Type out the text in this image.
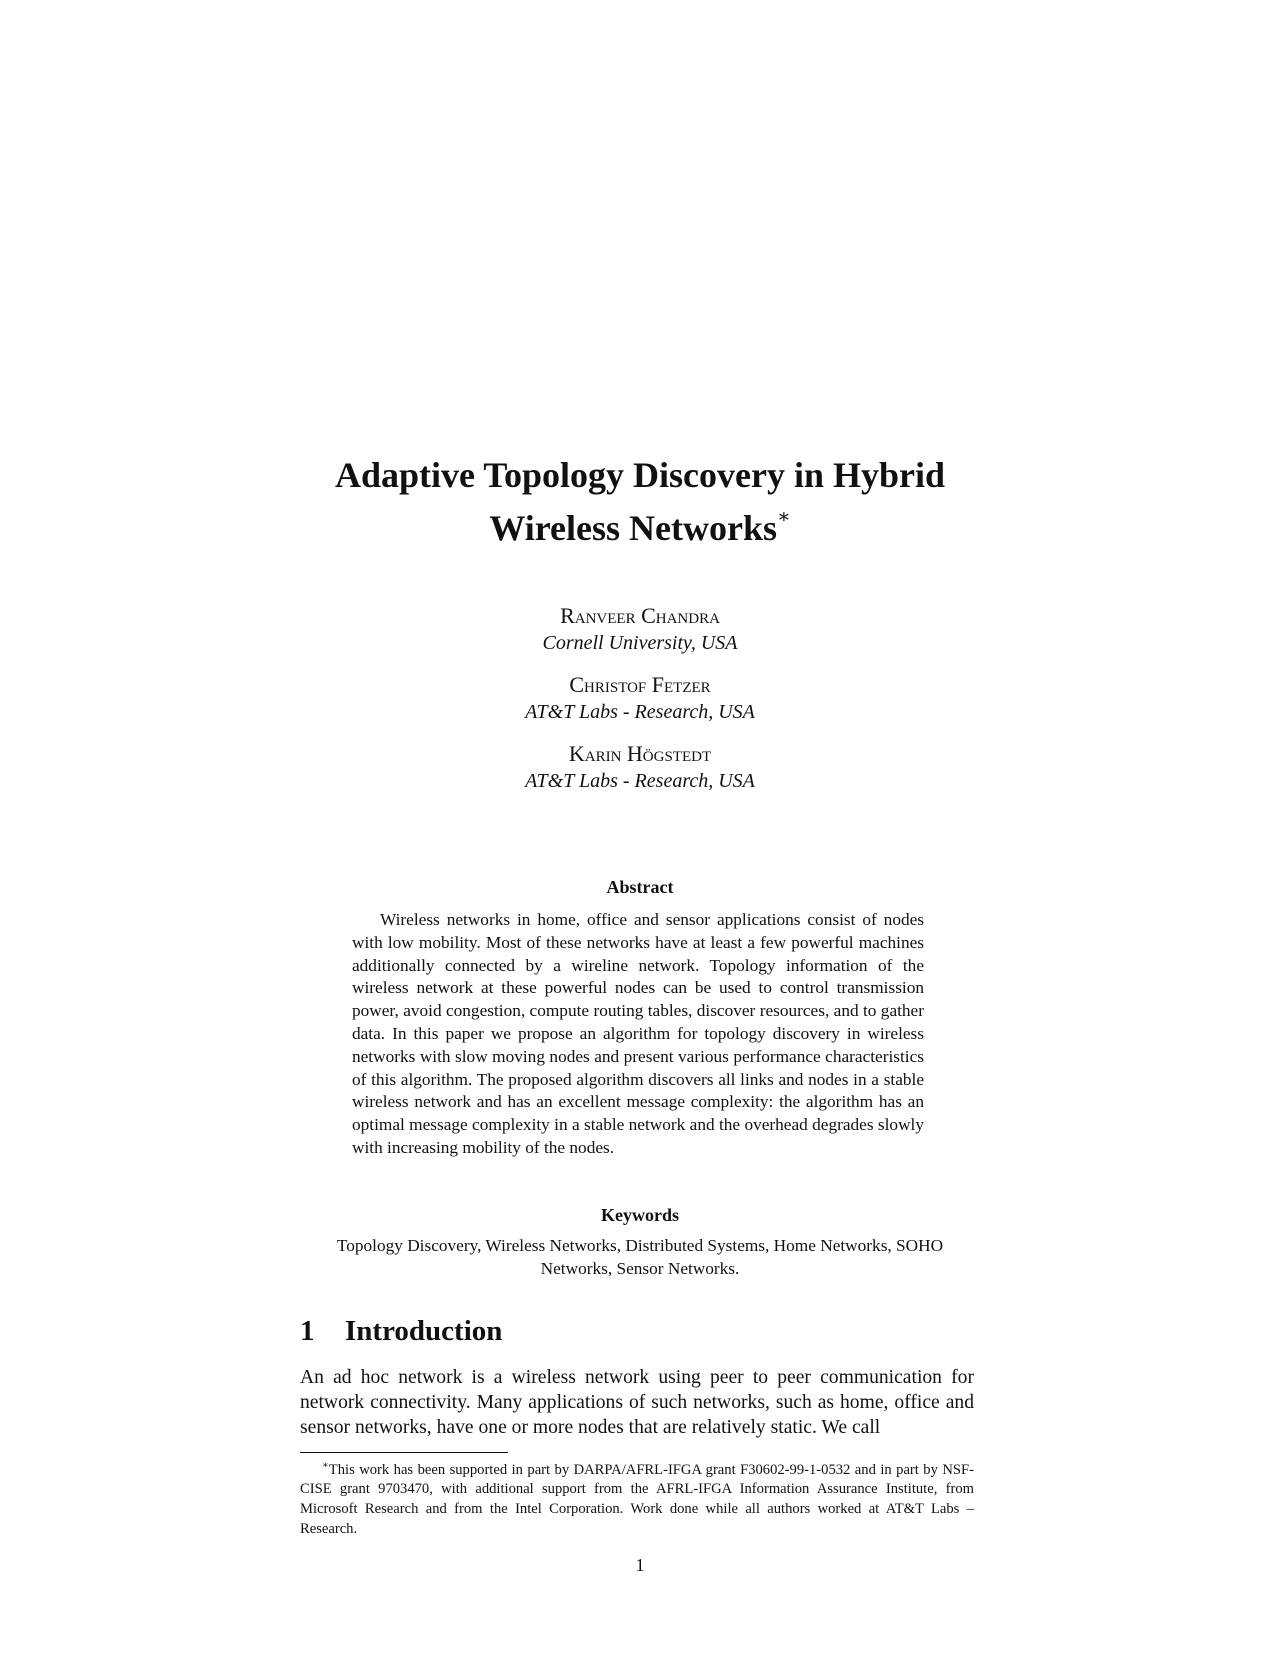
Adaptive Topology Discovery in Hybrid
Wireless Networks∗
Ranveer Chandra
Cornell University, USA
Christof Fetzer
AT&T Labs - Research, USA
Karin Högstedt
AT&T Labs - Research, USA
Abstract
Wireless networks in home, office and sensor applications consist of nodes with low mobility. Most of these networks have at least a few powerful machines additionally connected by a wireline network. Topology information of the wireless network at these powerful nodes can be used to control transmission power, avoid congestion, compute routing tables, discover resources, and to gather data. In this paper we propose an algorithm for topology discovery in wireless networks with slow moving nodes and present various performance characteristics of this algorithm. The proposed algorithm discovers all links and nodes in a stable wireless network and has an excellent message complexity: the algorithm has an optimal message complexity in a stable network and the overhead degrades slowly with increasing mobility of the nodes.
Keywords
Topology Discovery, Wireless Networks, Distributed Systems, Home Networks, SOHO Networks, Sensor Networks.
1 Introduction
An ad hoc network is a wireless network using peer to peer communication for network connectivity. Many applications of such networks, such as home, office and sensor networks, have one or more nodes that are relatively static. We call
∗This work has been supported in part by DARPA/AFRL-IFGA grant F30602-99-1-0532 and in part by NSF-CISE grant 9703470, with additional support from the AFRL-IFGA Information Assurance Institute, from Microsoft Research and from the Intel Corporation. Work done while all authors worked at AT&T Labs – Research.
1
